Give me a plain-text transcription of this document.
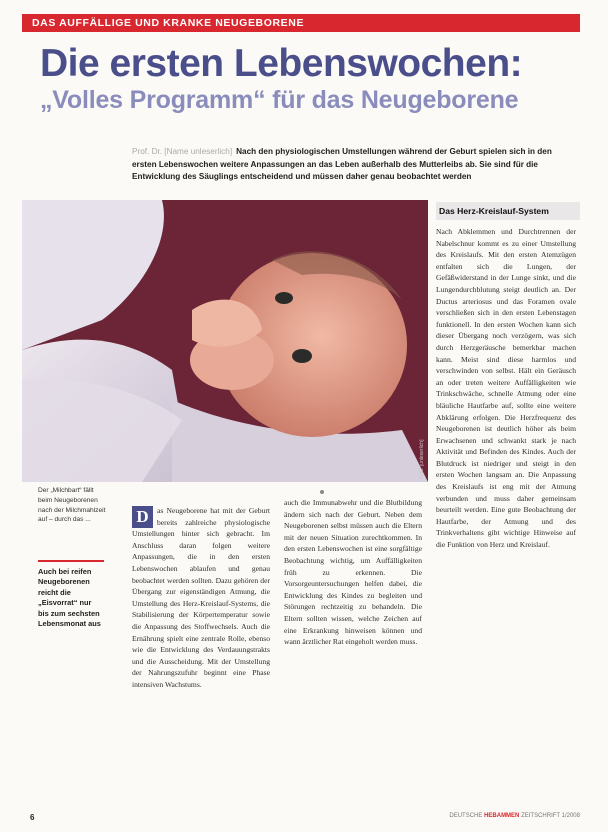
DAS AUFFÄLLIGE UND KRANKE NEUGEBORENE
Die ersten Lebenswochen:
„Volles Programm“ für das Neugeborene
Prof. Dr. [Name unleserlich] Nach den physiologischen Umstellungen während der Geburt spielen sich in den ersten Lebenswochen weitere Anpassungen an das Leben außerhalb des Mutterleibs ab. Sie sind für die Entwicklung des Säuglings entscheidend und müssen daher genau beobachtet werden
Foto: [unleserlich]
Der „Milchbart“ fällt beim Neugeborenen nach der Milchmahlzeit auf – durch das ...
Auch bei reifen Neugeborenen reicht die „Eisvorrat“ nur bis zum sechsten Lebensmonat aus
D	as Neugeborene hat mit der Geburt bereits zahlreiche physiologische Umstellungen hinter sich gebracht. Im Anschluss daran folgen weitere Anpassungen, die in den ersten Lebenswochen ablaufen und genau beobachtet werden sollten. Dazu gehören der Übergang zur eigenständigen Atmung, die Umstellung des Herz-Kreislauf-Systems, die Stabilisierung der Körpertemperatur sowie die Anpassung des Stoffwechsels. Auch die Ernährung spielt eine zentrale Rolle, ebenso wie die Entwicklung des Verdauungstrakts und die Ausscheidung. Mit der Umstellung der Nahrungszufuhr beginnt eine Phase intensiven Wachstums.
auch die Immunabwehr und die Blutbildung ändern sich nach der Geburt. Neben dem Neugeborenen selbst müssen auch die Eltern mit der neuen Situation zurechtkommen. In den ersten Lebenswochen ist eine sorgfältige Beobachtung wichtig, um Auffälligkeiten früh zu erkennen. Die Vorsorgeuntersuchungen helfen dabei, die Entwicklung des Kindes zu begleiten und Störungen rechtzeitig zu behandeln. Die Eltern sollten wissen, welche Zeichen auf eine Erkrankung hinweisen können und wann ärztlicher Rat eingeholt werden muss.
Das Herz-Kreislauf-System
Nach Abklemmen und Durchtrennen der Nabelschnur kommt es zu einer Umstellung des Kreislaufs. Mit den ersten Atemzügen entfalten sich die Lungen, der Gefäßwiderstand in der Lunge sinkt, und die Lungendurchblutung steigt deutlich an. Der Ductus arteriosus und das Foramen ovale verschließen sich in den ersten Lebenstagen funktionell. In den ersten Wochen kann sich dieser Übergang noch verzögern, was sich durch Herzgeräusche bemerkbar machen kann. Meist sind diese harmlos und verschwinden von selbst. Hält ein Geräusch an oder treten weitere Auffälligkeiten wie Trinkschwäche, schnelle Atmung oder eine bläuliche Hautfarbe auf, sollte eine weitere Abklärung erfolgen. Die Herzfrequenz des Neugeborenen ist deutlich höher als beim Erwachsenen und schwankt stark je nach Aktivität und Befinden des Kindes. Auch der Blutdruck ist niedriger und steigt in den ersten Wochen langsam an. Die Anpassung des Kreislaufs ist eng mit der Atmung verbunden und muss daher gemeinsam beurteilt werden. Eine gute Beobachtung der Hautfarbe, der Atmung und des Trinkverhaltens gibt wichtige Hinweise auf die Funktion von Herz und Kreislauf.
6	DEUTSCHE HEBAMMEN ZEITSCHRIFT 1/2008
